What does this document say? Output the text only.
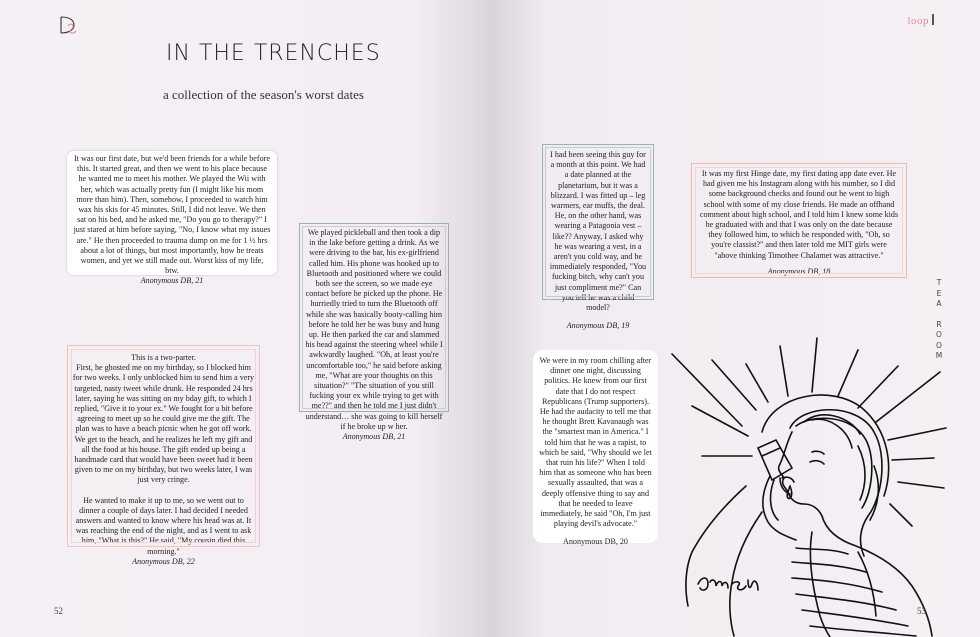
IN THE TRENCHES
a collection of the season's worst dates

It was our first date, but we'd been friends for a while before this. It started great, and then we went to his place because he wanted me to meet his mother. We played the Wii with her, which was actually pretty fun (I might like his mom more than him). Then, somehow, I proceeded to watch him wax his skis for 45 minutes. Still, I did not leave. We then sat on his bed, and he asked me, "Do you go to therapy?" I just stared at him before saying, "No, I know what my issues are." He then proceeded to trauma dump on me for 1 ½ hrs about a lot of things, but most importantly, how he treats women, and yet we still made out. Worst kiss of my life, btw.

Anonymous DB, 21

This is a two-parter.

First, he ghosted me on my birthday, so I blocked him for two weeks. I only unblocked him to send him a very targeted, nasty tweet while drunk. He responded 24 hrs later, saying he was sitting on my bday gift, to which I replied, "Give it to your ex." We fought for a bit before agreeing to meet up so he could give me the gift. The plan was to have a beach picnic when he got off work. We get to the beach, and he realizes he left my gift and all the food at his house. The gift ended up being a handmade card that would have been sweet had it been given to me on my birthday, but two weeks later, I was just very cringe.

He wanted to make it up to me, so we went out to dinner a couple of days later. I had decided I needed answers and wanted to know where his head was at. It was reaching the end of the night, and as I went to ask him, "What is this?" He said, "My cousin died this morning."

Anonymous DB, 22

We played pickleball and then took a dip in the lake before getting a drink. As we were driving to the bar, his ex-girlfriend called him. His phone was hooked up to Bluetooth and positioned where we could both see the screen, so we made eye contact before he picked up the phone. He hurriedly tried to turn the Bluetooth off while she was basically booty-calling him before he told her he was busy and hung up. He then parked the car and slammed his head against the steering wheel while I awkwardly laughed. "Oh, at least you're uncomfortable too," he said before asking me, "What are your thoughts on this situation?" "The situation of you still fucking your ex while trying to get with me??" and then he told me I just didn't understand… she was going to kill herself if he broke up w her.

Anonymous DB, 21

52
loop

I had been seeing this guy for a month at this point. We had a date planned at the planetarium, but it was a blizzard. I was fitted up – leg warmers, ear muffs, the deal. He, on the other hand, was wearing a Patagonia vest – like?? Anyway, I asked why he was wearing a vest, in a aren't you cold way, and he immediately responded, "You fucking bitch, why can't you just compliment me?" Can you tell he was a child model?

Anonymous DB, 19

It was my first Hinge date, my first dating app date ever. He had given me his Instagram along with his number, so I did some background checks and found out he went to high school with some of my close friends. He made an offhand comment about high school, and I told him I knew some kids he graduated with and that I was only on the date because they followed him, to which he responded with, "Oh, so you're classist?" and then later told me MIT girls were "above thinking Timothee Chalamet was attractive."

Anonymous DB, 18

We were in my room chilling after dinner one night, discussing politics. He knew from our first date that I do not respect Republicans (Trump supporters). He had the audacity to tell me that he thought Brett Kavanaugh was the "smartest man in America." I told him that he was a rapist, to which he said, "Why should we let that ruin his life?" When I told him that as someone who has been sexually assaulted, that was a deeply offensive thing to say and that he needed to leave immediately, he said "Oh, I'm just playing devil's advocate."

Anonymous DB, 20

T
E
A
R
O
O
M
amen
53
